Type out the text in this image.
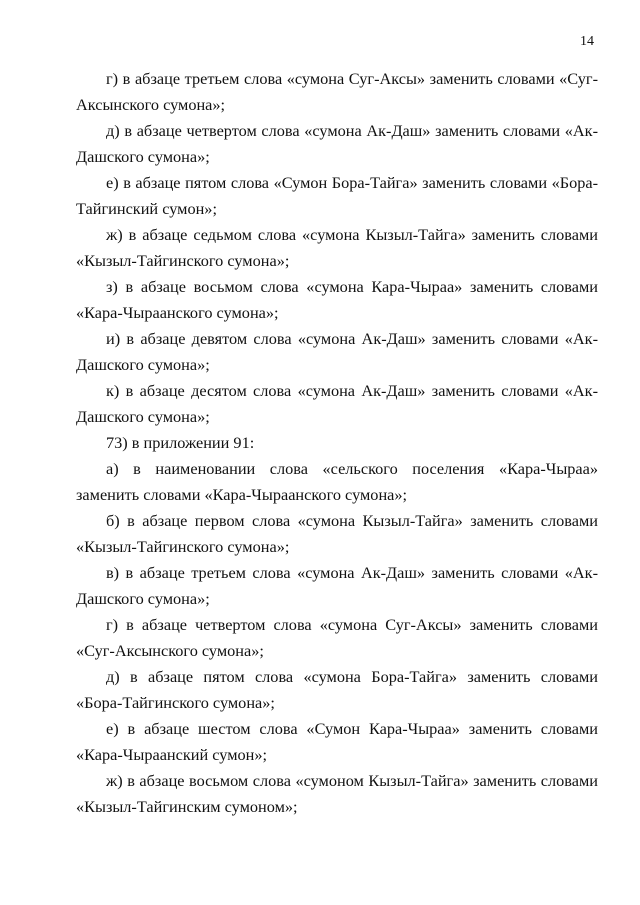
14

г) в абзаце третьем слова «сумона Суг-Аксы» заменить словами «Суг-Аксынского сумона»;

д) в абзаце четвертом слова «сумона Ак-Даш» заменить словами «Ак-Дашского сумона»;

е) в абзаце пятом слова «Сумон Бора-Тайга» заменить словами «Бора-Тайгинский сумон»;

ж) в абзаце седьмом слова «сумона Кызыл-Тайга» заменить словами «Кызыл-Тайгинского сумона»;

з) в абзаце восьмом слова «сумона Кара-Чыраа» заменить словами «Кара-Чыраанского сумона»;

и) в абзаце девятом слова «сумона Ак-Даш» заменить словами «Ак-Дашского сумона»;

к) в абзаце десятом слова «сумона Ак-Даш» заменить словами «Ак-Дашского сумона»;

73) в приложении 91:

а) в наименовании слова «сельского поселения «Кара-Чыраа» заменить словами «Кара-Чыраанского сумона»;

б) в абзаце первом слова «сумона Кызыл-Тайга» заменить словами «Кызыл-Тайгинского сумона»;

в) в абзаце третьем слова «сумона Ак-Даш» заменить словами «Ак-Дашского сумона»;

г) в абзаце четвертом слова «сумона Суг-Аксы» заменить словами «Суг-Аксынского сумона»;

д) в абзаце пятом слова «сумона Бора-Тайга» заменить словами «Бора-Тайгинского сумона»;

е) в абзаце шестом слова «Сумон Кара-Чыраа» заменить словами «Кара-Чыраанский сумон»;

ж) в абзаце восьмом слова «сумоном Кызыл-Тайга» заменить словами «Кызыл-Тайгинским сумоном»;
